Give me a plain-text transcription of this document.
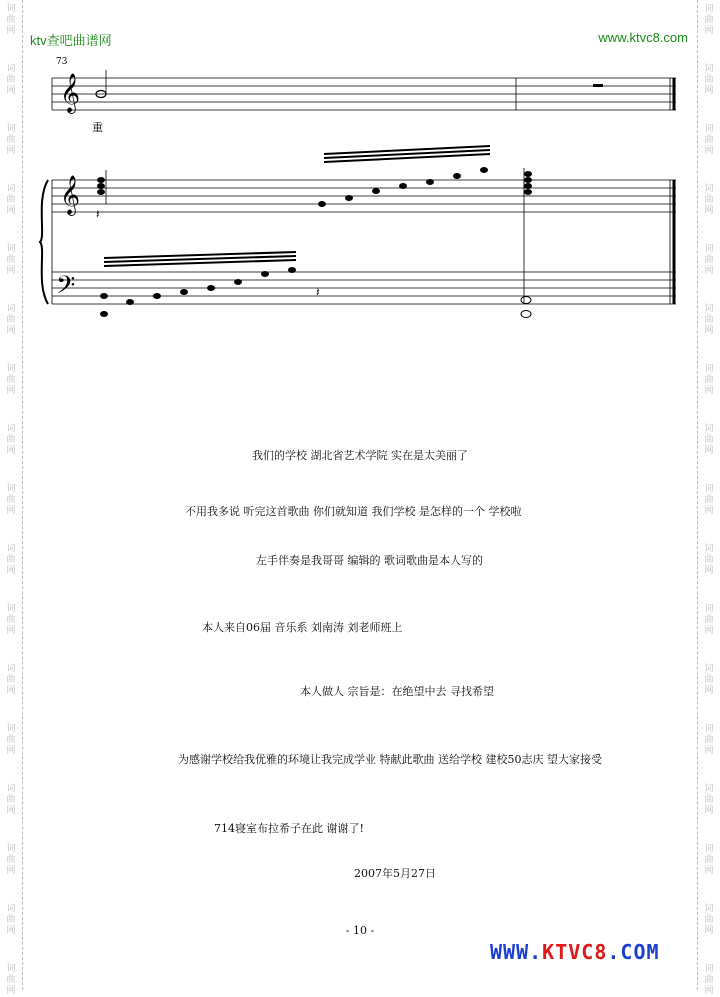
词
曲
网
词
曲
网
词
曲
网
词
曲
网
词
曲
网
词
曲
网
词
曲
网
词
曲
网
词
曲
网
词
曲
网
词
曲
网
词
曲
网
词
曲
网
词
曲
网
词
曲
网
词
曲
网
词
曲
网
词
曲
网
词
曲
网
词
曲
网
词
曲
网
词
曲
网
词
曲
网
词
曲
网
词
曲
网
词
曲
网
词
曲
网
词
曲
网
词
曲
网
词
曲
网
词
曲
网
词
曲
网
词
曲
网
词
曲
网
ktv查吧曲谱网	www.ktvc8.com
73
𝄞
𝄞
𝄢
重
𝄽
𝄽
我们的学校 湖北省艺术学院 实在是太美丽了
不用我多说 听完这首歌曲 你们就知道 我们学校 是怎样的一个 学校啦
左手伴奏是我哥哥 编辑的 歌词歌曲是本人写的
本人来自06届 音乐系 刘南涛 刘老师班上
本人做人 宗旨是：在绝望中去 寻找希望
为感谢学校给我优雅的环境让我完成学业 特献此歌曲 送给学校 建校50志庆 望大家接受
714寝室布拉希子在此 谢谢了!
2007年5月27日
- 10 -
WWW.KTVC8.COM
